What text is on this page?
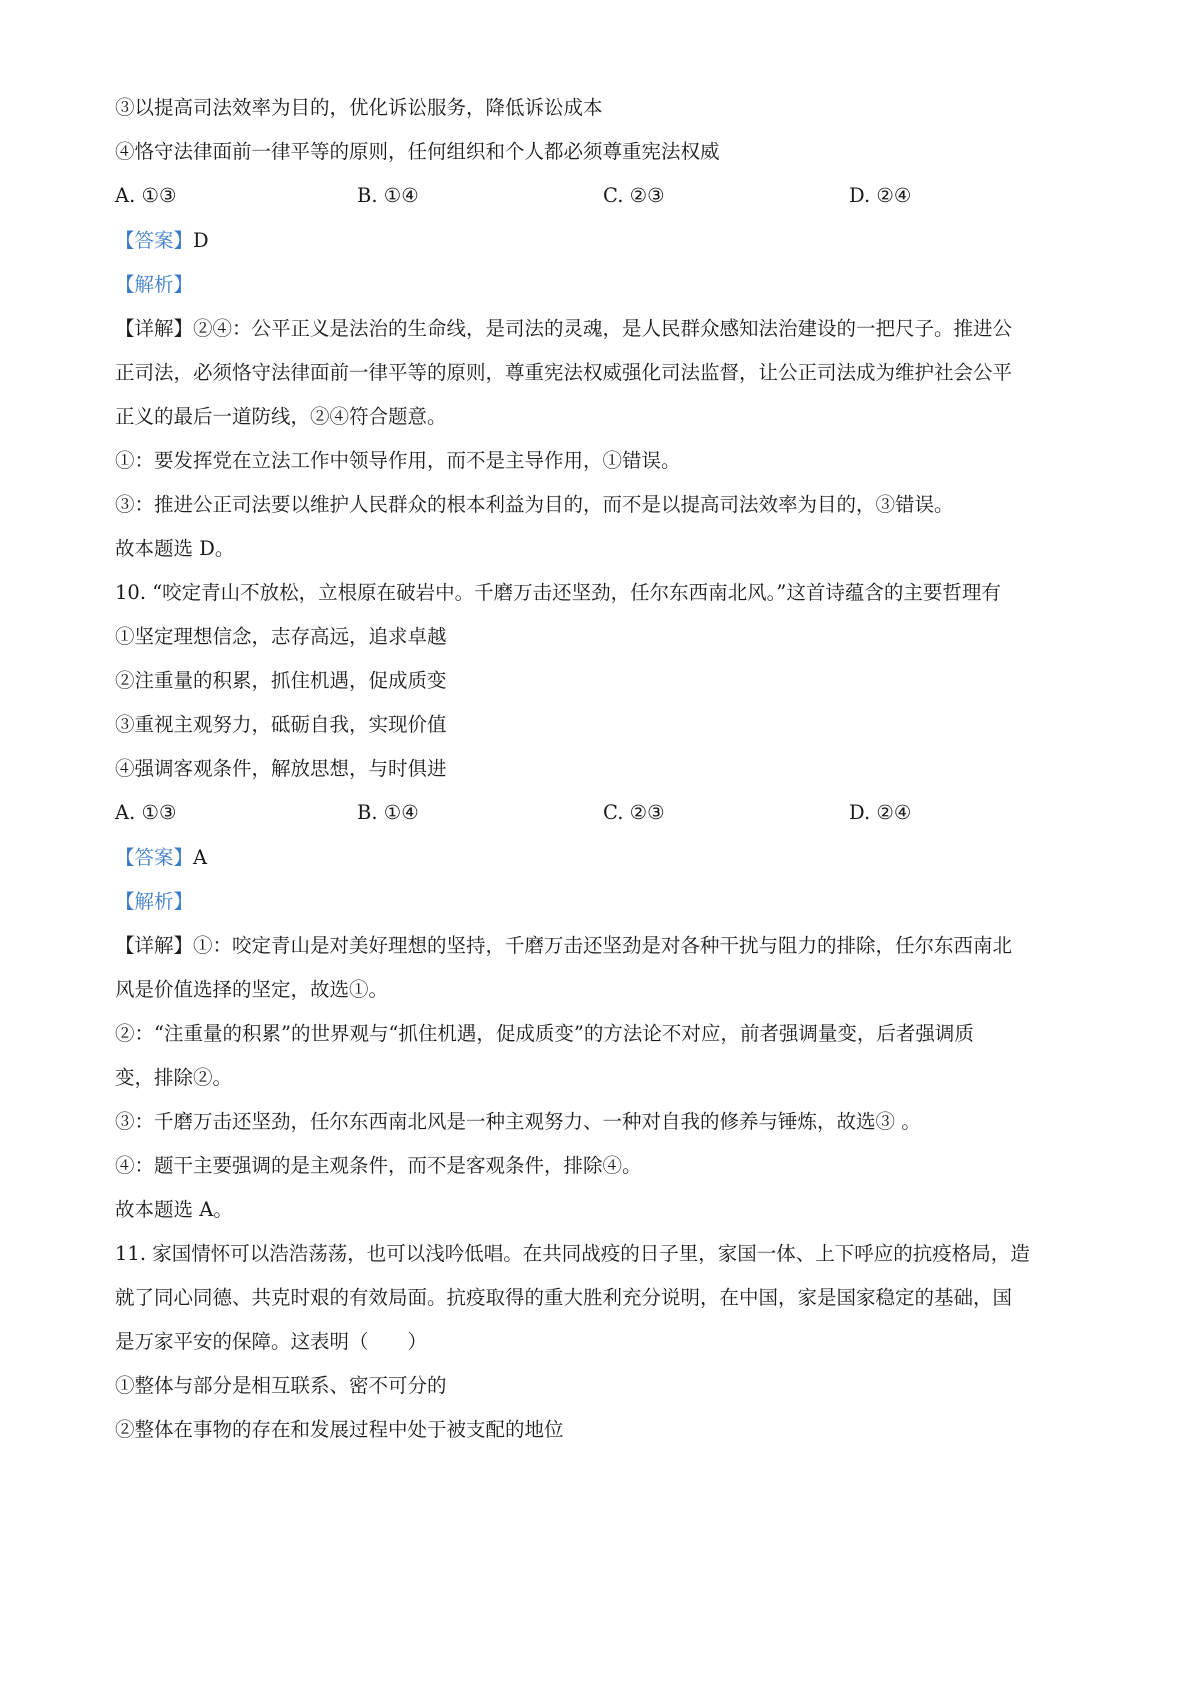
③以提高司法效率为目的，优化诉讼服务，降低诉讼成本
④恪守法律面前一律平等的原则，任何组织和个人都必须尊重宪法权威
A. ①③	B. ①④	C. ②③	D. ②④
【答案】D
【解析】
【详解】②④：公平正义是法治的生命线，是司法的灵魂，是人民群众感知法治建设的一把尺子。推进公
正司法，必须恪守法律面前一律平等的原则，尊重宪法权威强化司法监督，让公正司法成为维护社会公平
正义的最后一道防线，②④符合题意。
①：要发挥党在立法工作中领导作用，而不是主导作用，①错误。
③：推进公正司法要以维护人民群众的根本利益为目的，而不是以提高司法效率为目的，③错误。
故本题选 D。
10. “咬定青山不放松，立根原在破岩中。千磨万击还坚劲，任尔东西南北风。”这首诗蕴含的主要哲理有
①坚定理想信念，志存高远，追求卓越
②注重量的积累，抓住机遇，促成质变
③重视主观努力，砥砺自我，实现价值
④强调客观条件，解放思想，与时俱进
A. ①③	B. ①④	C. ②③	D. ②④
【答案】A
【解析】
【详解】①：咬定青山是对美好理想的坚持，千磨万击还坚劲是对各种干扰与阻力的排除，任尔东西南北
风是价值选择的坚定，故选①。
②：“注重量的积累”的世界观与“抓住机遇，促成质变”的方法论不对应，前者强调量变，后者强调质
变，排除②。
③：千磨万击还坚劲，任尔东西南北风是一种主观努力、一种对自我的修养与锤炼，故选③ 。
④：题干主要强调的是主观条件，而不是客观条件，排除④。
故本题选 A。
11. 家国情怀可以浩浩荡荡，也可以浅吟低唱。在共同战疫的日子里，家国一体、上下呼应的抗疫格局，造
就了同心同德、共克时艰的有效局面。抗疫取得的重大胜利充分说明，在中国，家是国家稳定的基础，国
是万家平安的保障。这表明（　　）
①整体与部分是相互联系、密不可分的
②整体在事物的存在和发展过程中处于被支配的地位
